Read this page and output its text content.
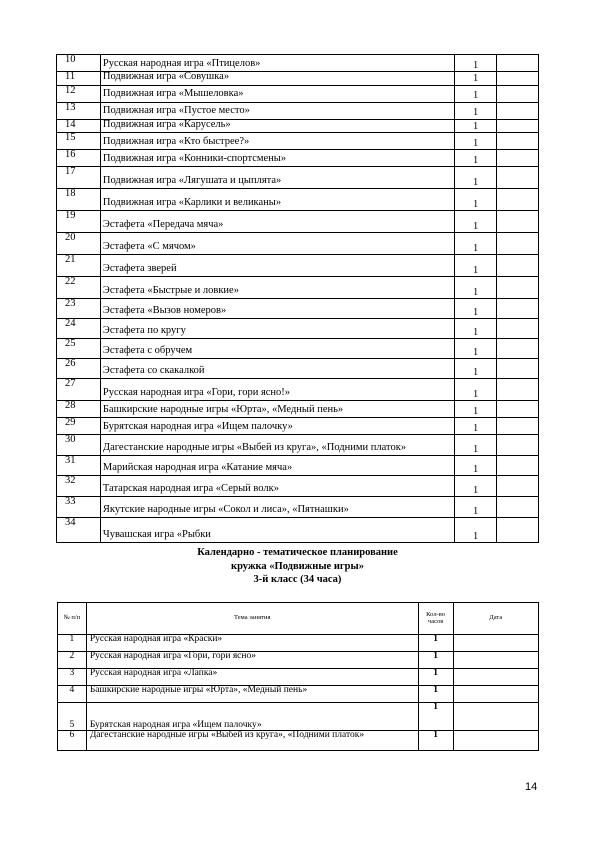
10	Русская народная игра «Птицелов»	1	
11	Подвижная игра «Совушка»	1	
12	Подвижная игра «Мышеловка»	1	
13	Подвижная игра «Пустое место»	1	
14	Подвижная игра «Карусель»	1	
15	Подвижная игра «Кто быстрее?»	1	
16	Подвижная игра «Конники-спортсмены»	1	
17	Подвижная игра «Лягушата и цыплята»	1	
18	Подвижная игра «Карлики и великаны»	1	
19	Эстафета «Передача мяча»	1	
20	Эстафета «С мячом»	1	
21	Эстафета зверей	1	
22	Эстафета «Быстрые и ловкие»	1	
23	Эстафета «Вызов номеров»	1	
24	Эстафета по кругу	1	
25	Эстафета с обручем	1	
26	Эстафета со скакалкой	1	
27	Русская народная игра «Гори, гори ясно!»	1	
28	Башкирские народные игры «Юрта», «Медный пень»	1	
29	Бурятская народная игра «Ищем палочку»	1	
30	Дагестанские народные игры «Выбей из круга», «Подними платок»	1	
31	Марийская народная игра «Катание мяча»	1	
32	Татарская народная игра «Серый волк»	1	
33	Якутские народные игры «Сокол и лиса», «Пятнашки»	1	
34	Чувашская игра «Рыбки	1	
Календарно - тематическое планирование
кружка «Подвижные игры»
3-й класс (34 часа)
№ п/п	Тема занятия	Кол-во часов	Дата
1	Русская народная игра «Краски»	1	
2	Русская народная игра «Гори, гори ясно»	1	
3	Русская народная игра «Лапка»	1	
4	Башкирские народные игры «Юрта», «Медный пень»	1	
5	Бурятская народная игра «Ищем палочку»	1	
6	Дагестанские народные игры «Выбей из круга», «Подними платок»	1	
14
